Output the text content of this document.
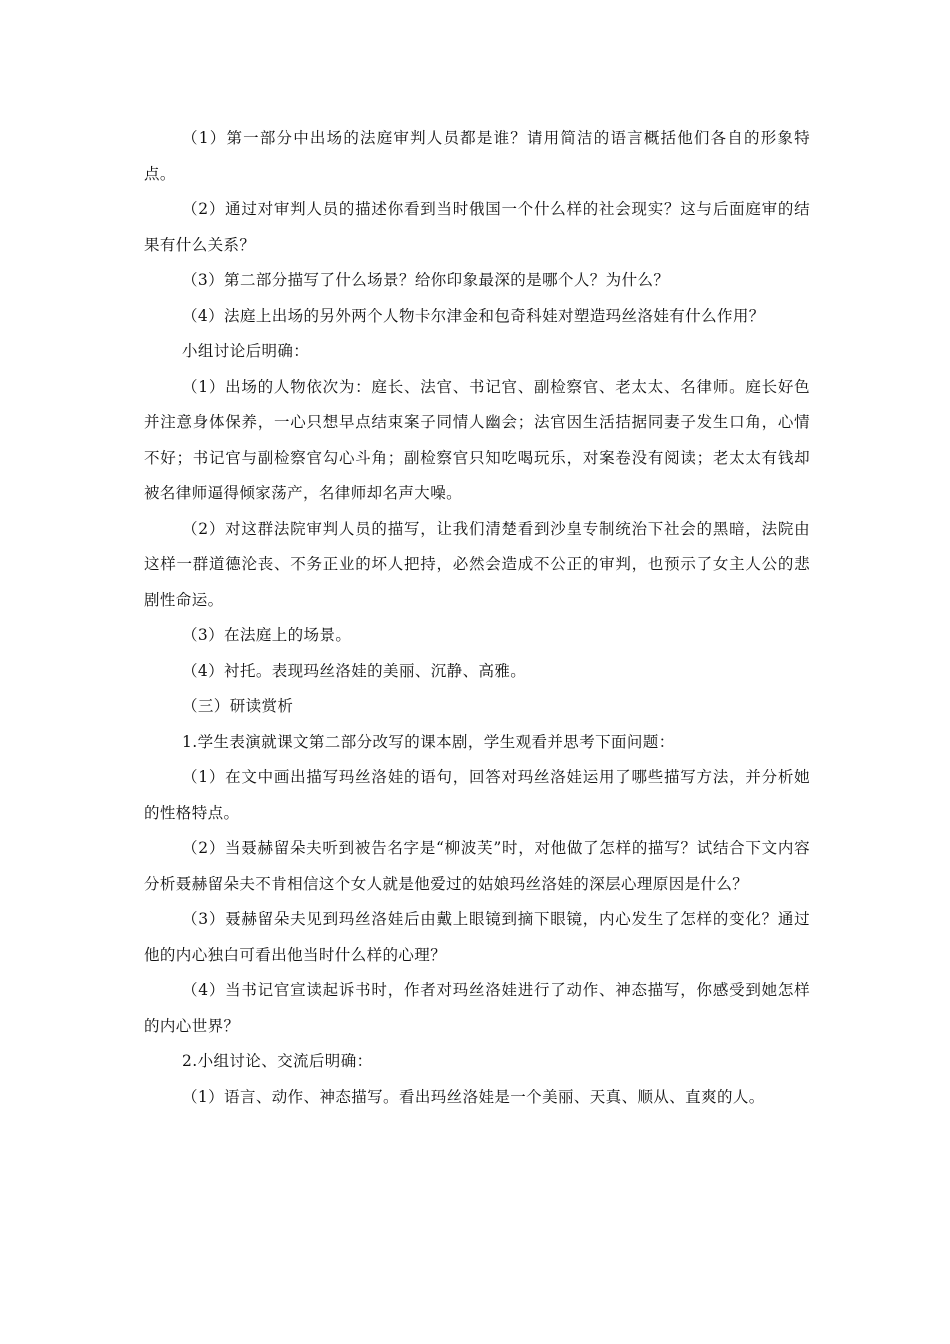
（1）第一部分中出场的法庭审判人员都是谁？请用简洁的语言概括他们各自的形象特点。

（2）通过对审判人员的描述你看到当时俄国一个什么样的社会现实？这与后面庭审的结果有什么关系？

（3）第二部分描写了什么场景？给你印象最深的是哪个人？为什么？

（4）法庭上出场的另外两个人物卡尔津金和包奇科娃对塑造玛丝洛娃有什么作用？

小组讨论后明确：

（1）出场的人物依次为：庭长、法官、书记官、副检察官、老太太、名律师。庭长好色并注意身体保养，一心只想早点结束案子同情人幽会；法官因生活拮据同妻子发生口角，心情不好；书记官与副检察官勾心斗角；副检察官只知吃喝玩乐，对案卷没有阅读；老太太有钱却被名律师逼得倾家荡产，名律师却名声大噪。

（2）对这群法院审判人员的描写，让我们清楚看到沙皇专制统治下社会的黑暗，法院由这样一群道德沦丧、不务正业的坏人把持，必然会造成不公正的审判，也预示了女主人公的悲剧性命运。

（3）在法庭上的场景。

（4）衬托。表现玛丝洛娃的美丽、沉静、高雅。

（三）研读赏析

1.学生表演就课文第二部分改写的课本剧，学生观看并思考下面问题：

（1）在文中画出描写玛丝洛娃的语句，回答对玛丝洛娃运用了哪些描写方法，并分析她的性格特点。

（2）当聂赫留朵夫听到被告名字是“柳波芙”时，对他做了怎样的描写？试结合下文内容分析聂赫留朵夫不肯相信这个女人就是他爱过的姑娘玛丝洛娃的深层心理原因是什么？

（3）聂赫留朵夫见到玛丝洛娃后由戴上眼镜到摘下眼镜，内心发生了怎样的变化？通过他的内心独白可看出他当时什么样的心理？

（4）当书记官宣读起诉书时，作者对玛丝洛娃进行了动作、神态描写，你感受到她怎样的内心世界？

2.小组讨论、交流后明确：

（1）语言、动作、神态描写。看出玛丝洛娃是一个美丽、天真、顺从、直爽的人。
